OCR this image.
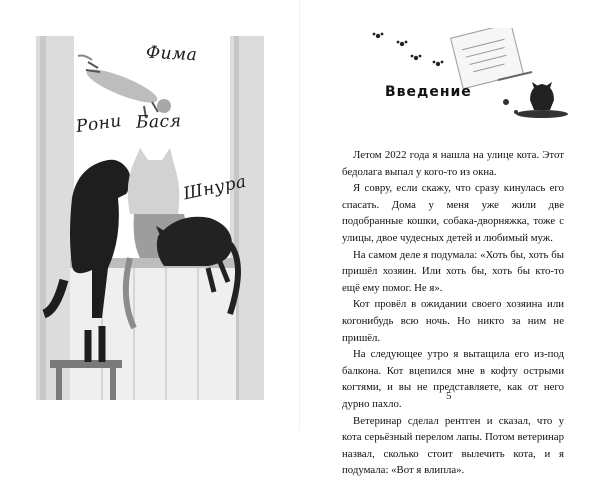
Фима
Рони Бася
Шнура
Введение

Летом 2022 года я нашла на улице кота. Этот бедолага выпал у кого-то из окна.

Я совру, если скажу, что сразу кинулась его спасать. Дома у меня уже жили две подобранные кошки, собака-дворняжка, тоже с улицы, двое чудесных детей и любимый муж.

На самом деле я подумала: «Хоть бы, хоть бы пришёл хозяин. Или хоть бы, хоть бы кто-то ещё ему помог. Не я».

Кот провёл в ожидании своего хозяина или когонибудь всю ночь. Но никто за ним не пришёл.

На следующее утро я вытащила его из-под балкона. Кот вцепился мне в кофту острыми когтями, и вы не представляете, как от него дурно пахло.

Ветеринар сделал рентген и сказал, что у кота серьёзный перелом лапы. Потом ветеринар назвал, сколько стоит вылечить кота, и я подумала: «Вот я влипла».

5
